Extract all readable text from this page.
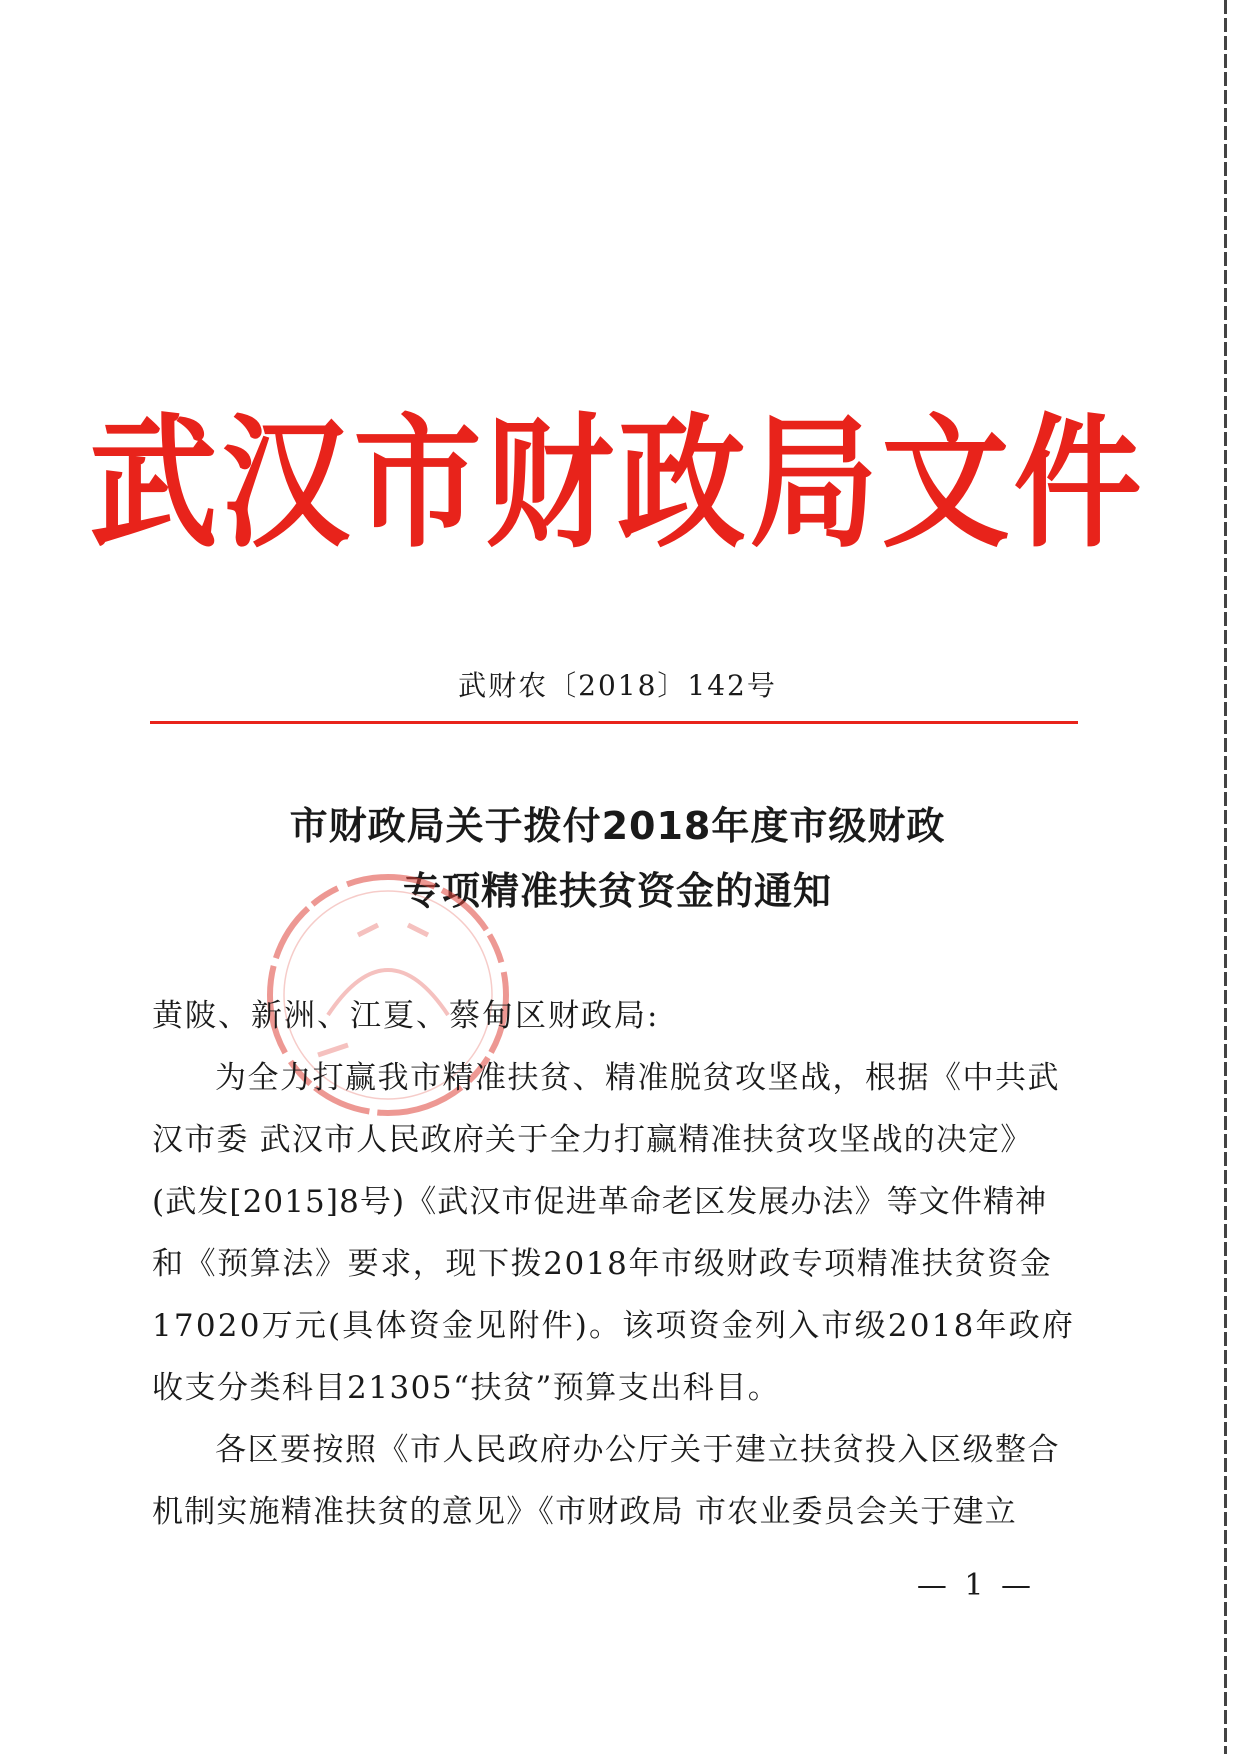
武汉市财政局文件
武财农〔2018〕142号
市财政局关于拨付2018年度市级财政
专项精准扶贫资金的通知
黄陂、新洲、江夏、蔡甸区财政局:
为全力打赢我市精准扶贫、精准脱贫攻坚战，根据《中共武
汉市委 武汉市人民政府关于全力打赢精准扶贫攻坚战的决定》
(武发[2015]8号)《武汉市促进革命老区发展办法》等文件精神
和《预算法》要求，现下拨2018年市级财政专项精准扶贫资金
17020万元(具体资金见附件)。该项资金列入市级2018年政府
收支分类科目21305“扶贫”预算支出科目。
各区要按照《市人民政府办公厅关于建立扶贫投入区级整合
机制实施精准扶贫的意见》《市财政局 市农业委员会关于建立
— 1 —
